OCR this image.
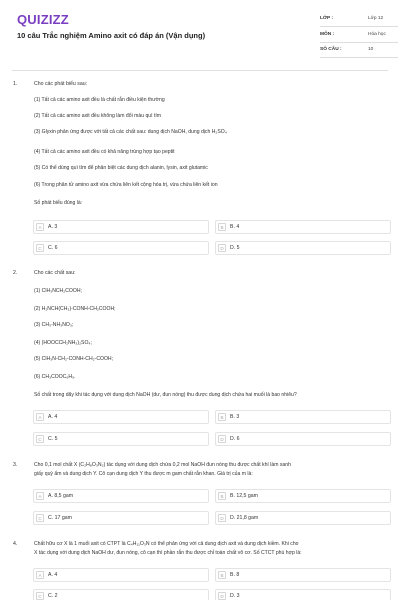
QUIZIZZ
10 câu Trắc nghiệm Amino axit có đáp án (Vận dụng)
LỚP :	Lớp 12
MÔN :	Hóa học
SỐ CÂU :	10
1.	Cho các phát biểu sau:
(1) Tất cả các amino axit đều là chất rắn điều kiện thường
(2) Tất cả các amino axit đều không làm đổi màu quì tím
(3) Glyxin phản ứng được với tất cả các chất sau: dung dịch NaOH, dung dịch H₂SO₄
(4) Tất cả các amino axit đều có khả năng trùng hợp tạo peptit
(5) Có thể dùng quì tím để phân biệt các dung dịch alanin, lysin, axit glutamic
(6) Trong phân tử amino axit vừa chứa liên kết cộng hóa trị, vừa chứa liên kết ion
Số phát biểu đúng là:
A	A. 3	B	B. 4
C	C. 6	D	D. 5
2.	Cho các chất sau:
(1) ClH₃NCH₂COOH;
(2) H₂NCH(CH₃)-CONH-CH₂COOH;
(3) CH₃-NH₃NO₃;
(4) (HOOCCH₂NH₃)₂SO₄;
(5) ClH₃N-CH₂-CONH-CH₂-COOH;
(6) CH₃COOC₆H₅.
Số chất trong dãy khi tác dụng với dung dịch NaOH (dư, đun nóng) thu được dung dịch chứa hai muối là bao nhiêu?
A	A. 4	B	B. 3
C	C. 5	D	D. 6
3.	Cho 0,1 mol chất X (C₂H₈O₃N₂) tác dụng với dung dịch chứa 0,2 mol NaOH đun nóng thu được chất khí làm xanh
giấy quỳ ẩm và dung dịch Y. Cô cạn dung dịch Y thu được m gam chất rắn khan. Giá trị của m là:
A	A. 8,5 gam	B	B. 12,5 gam
C	C. 17 gam	D	D. 21,8 gam
4.	Chất hữu cơ X là 1 muối axit có CTPT là C₄H₁₁O₃N có thể phản ứng với cả dung dịch axit và dung dịch kiềm. Khi cho
X tác dụng với dung dịch NaOH dư, đun nóng, cô cạn thì phần rắn thu được chỉ toàn chất vô cơ. Số CTCT phù hợp là:
A	A. 4	B	B. 8
C	C. 2	D	D. 3
